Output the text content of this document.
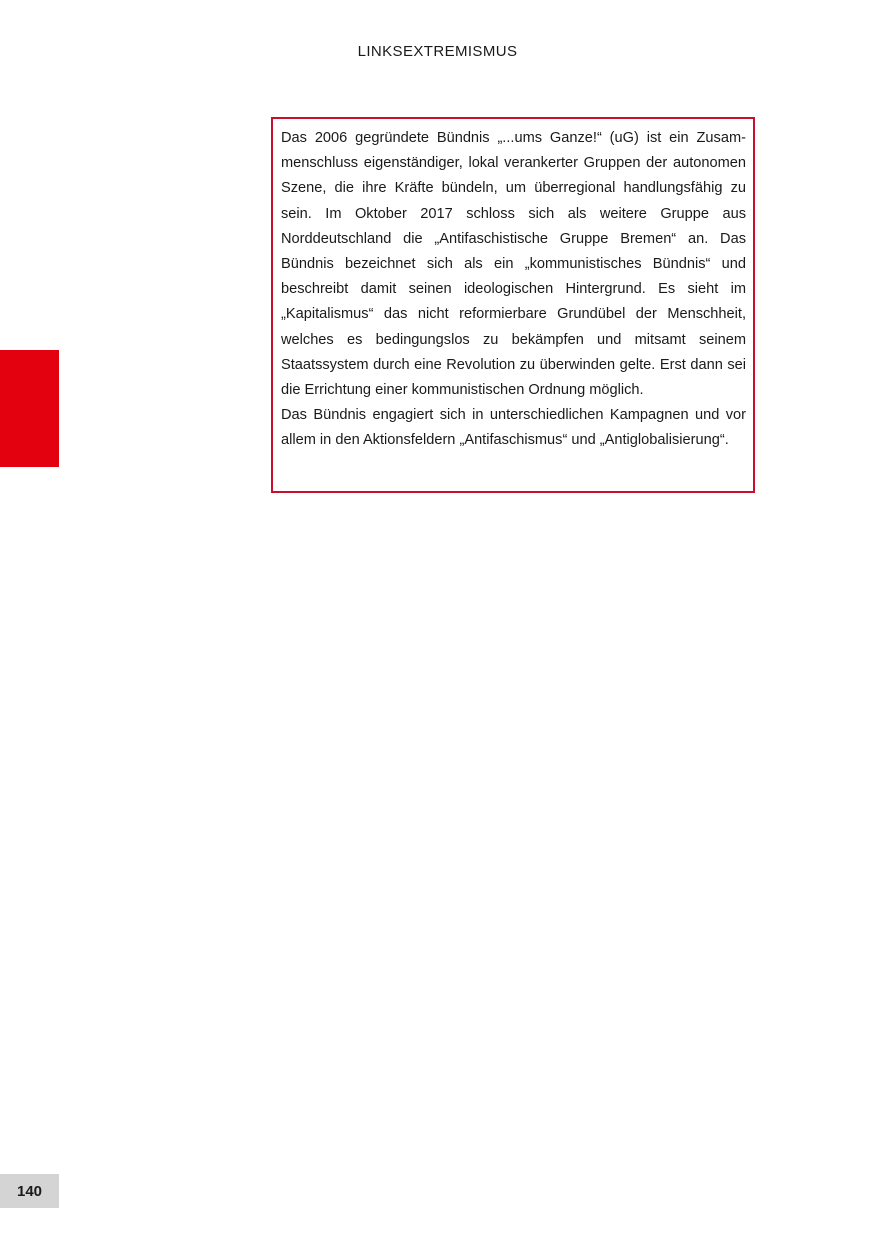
LINKSEXTREMISMUS

Das 2006 gegründete Bündnis „...ums Ganze!“ (uG) ist ein Zusammenschluss eigenständiger, lokal verankerter Gruppen der autonomen Szene, die ihre Kräfte bündeln, um überregional handlungsfähig zu sein. Im Oktober 2017 schloss sich als weitere Gruppe aus Norddeutschland die „Antifaschistische Gruppe Bremen“ an. Das Bündnis bezeichnet sich als ein „kommunistisches Bündnis“ und beschreibt damit seinen ideologischen Hintergrund. Es sieht im „Kapitalismus“ das nicht reformierbare Grundübel der Menschheit, welches es bedingungslos zu bekämpfen und mitsamt seinem Staatssystem durch eine Revolution zu überwinden gelte. Erst dann sei die Errichtung einer kommunistischen Ordnung möglich.

Das Bündnis engagiert sich in unterschiedlichen Kampagnen und vor allem in den Aktionsfeldern „Antifaschismus“ und „Antiglobalisierung“.

140
